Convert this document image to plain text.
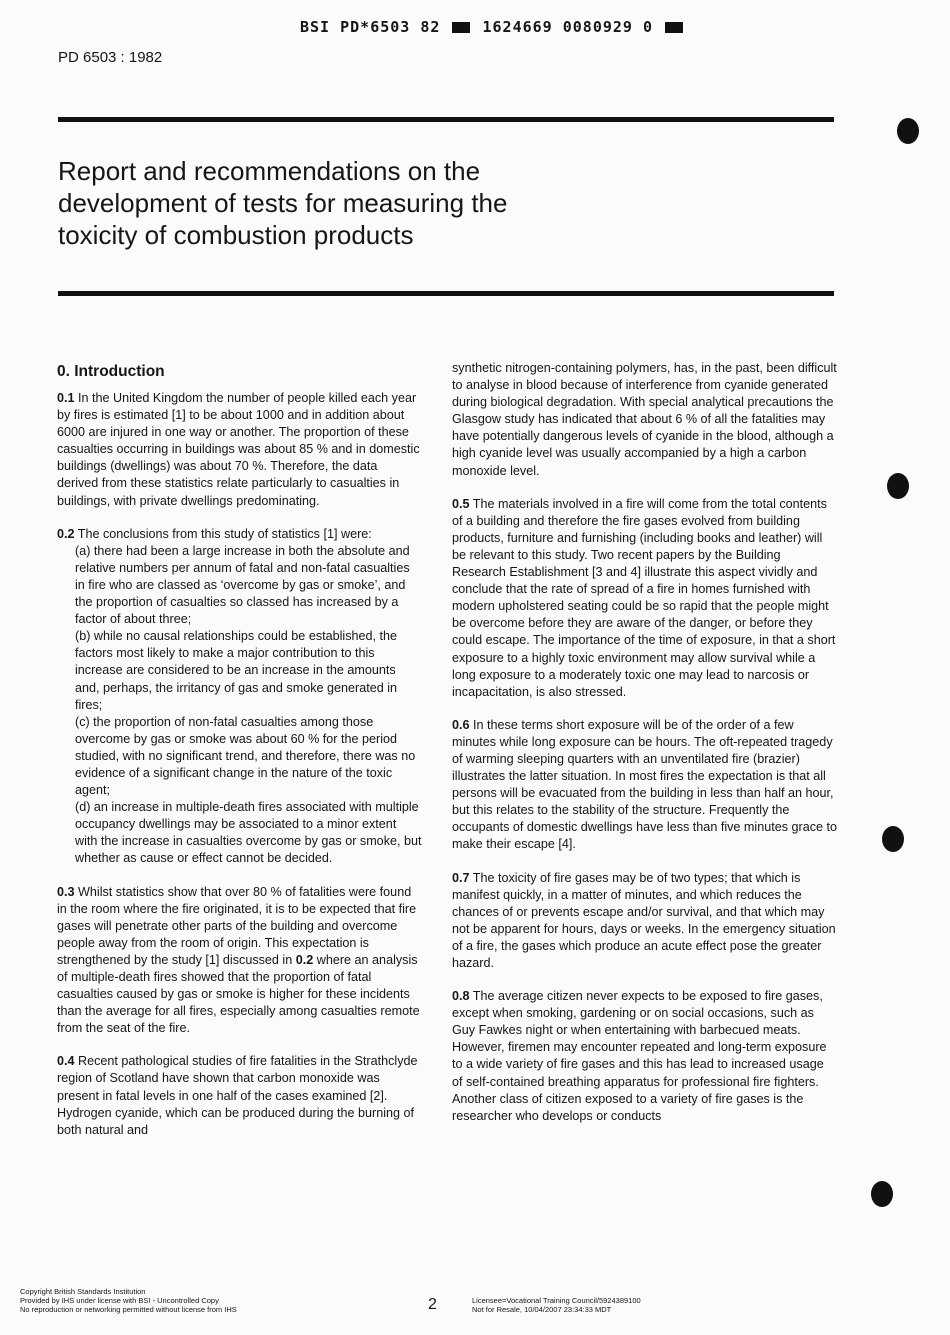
BSI PD*6503 82	1624669 0080929 0
PD 6503 : 1982
Report and recommendations on the
development of tests for measuring the
toxicity of combustion products
0. Introduction

0.1 In the United Kingdom the number of people killed each year by fires is estimated [1] to be about 1000 and in addition about 6000 are injured in one way or another. The proportion of these casualties occurring in buildings was about 85 % and in domestic buildings (dwellings) was about 70 %. Therefore, the data derived from these statistics relate particularly to casualties in buildings, with private dwellings predominating.

0.2 The conclusions from this study of statistics [1] were:

(a) there had been a large increase in both the absolute and relative numbers per annum of fatal and non-fatal casualties in fire who are classed as ‘overcome by gas or smoke’, and the proportion of casualties so classed has increased by a factor of about three;
(b) while no causal relationships could be established, the factors most likely to make a major contribution to this increase are considered to be an increase in the amounts and, perhaps, the irritancy of gas and smoke generated in fires;
(c) the proportion of non-fatal casualties among those overcome by gas or smoke was about 60 % for the period studied, with no significant trend, and therefore, there was no evidence of a significant change in the nature of the toxic agent;
(d) an increase in multiple-death fires associated with multiple occupancy dwellings may be associated to a minor extent with the increase in casualties overcome by gas or smoke, but whether as cause or effect cannot be decided.

0.3 Whilst statistics show that over 80 % of fatalities were found in the room where the fire originated, it is to be expected that fire gases will penetrate other parts of the building and overcome people away from the room of origin. This expectation is strengthened by the study [1] discussed in 0.2 where an analysis of multiple-death fires showed that the proportion of fatal casualties caused by gas or smoke is higher for these incidents than the average for all fires, especially among casualties remote from the seat of the fire.

0.4 Recent pathological studies of fire fatalities in the Strathclyde region of Scotland have shown that carbon monoxide was present in fatal levels in one half of the cases examined [2]. Hydrogen cyanide, which can be produced during the burning of both natural and

synthetic nitrogen-containing polymers, has, in the past, been difficult to analyse in blood because of interference from cyanide generated during biological degradation. With special analytical precautions the Glasgow study has indicated that about 6 % of all the fatalities may have potentially dangerous levels of cyanide in the blood, although a high cyanide level was usually accompanied by a high a carbon monoxide level.

0.5 The materials involved in a fire will come from the total contents of a building and therefore the fire gases evolved from building products, furniture and furnishing (including books and leather) will be relevant to this study. Two recent papers by the Building Research Establishment [3 and 4] illustrate this aspect vividly and conclude that the rate of spread of a fire in homes furnished with modern upholstered seating could be so rapid that the people might be overcome before they are aware of the danger, or before they could escape. The importance of the time of exposure, in that a short exposure to a highly toxic environment may allow survival while a long exposure to a moderately toxic one may lead to narcosis or incapacitation, is also stressed.

0.6 In these terms short exposure will be of the order of a few minutes while long exposure can be hours. The oft-repeated tragedy of warming sleeping quarters with an unventilated fire (brazier) illustrates the latter situation. In most fires the expectation is that all persons will be evacuated from the building in less than half an hour, but this relates to the stability of the structure. Frequently the occupants of domestic dwellings have less than five minutes grace to make their escape [4].

0.7 The toxicity of fire gases may be of two types; that which is manifest quickly, in a matter of minutes, and which reduces the chances of or prevents escape and/or survival, and that which may not be apparent for hours, days or weeks. In the emergency situation of a fire, the gases which produce an acute effect pose the greater hazard.

0.8 The average citizen never expects to be exposed to fire gases, except when smoking, gardening or on social occasions, such as Guy Fawkes night or when entertaining with barbecued meats. However, firemen may encounter repeated and long-term exposure to a wide variety of fire gases and this has lead to increased usage of self-contained breathing apparatus for professional fire fighters. Another class of citizen exposed to a variety of fire gases is the researcher who develops or conducts

Copyright British Standards Institution
Provided by IHS under license with BSI - Uncontrolled Copy
No reproduction or networking permitted without license from IHS	2	Licensee=Vocational Training Council/5924389100
Not for Resale, 10/04/2007 23:34:33 MDT
